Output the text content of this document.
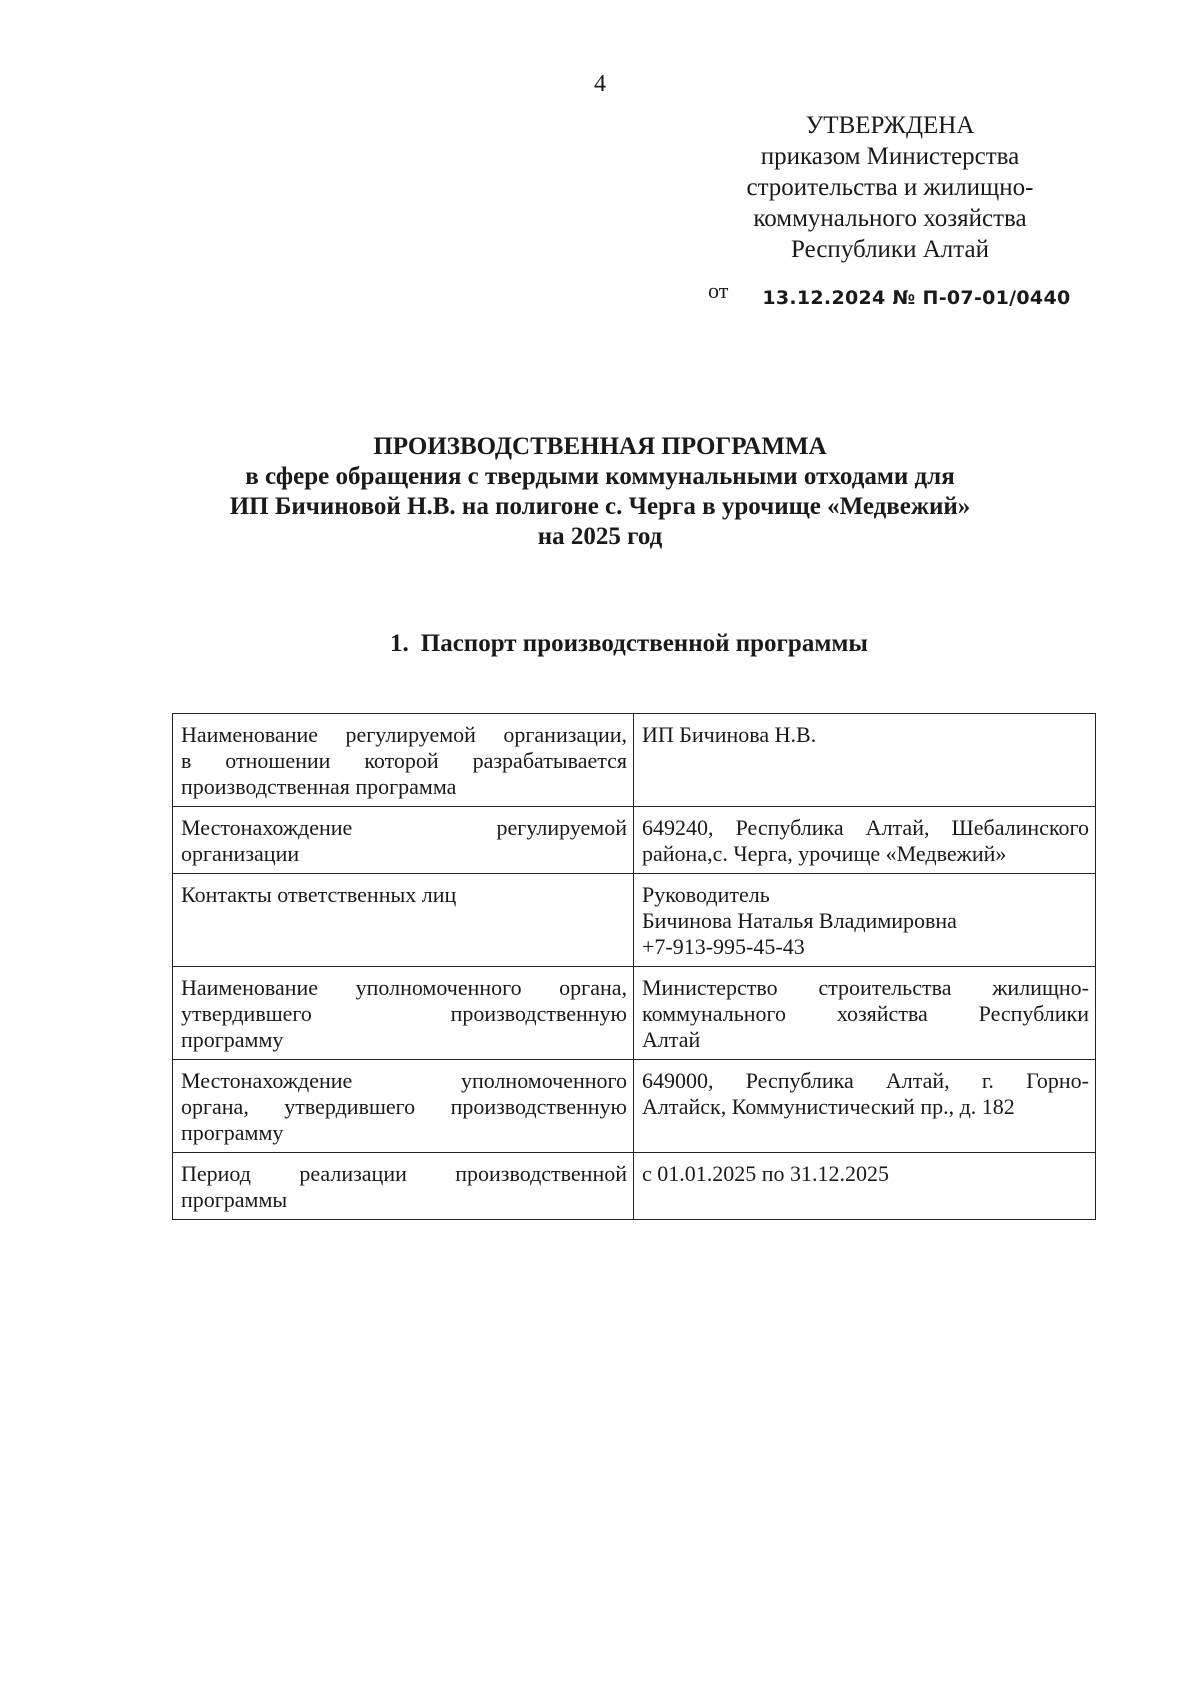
4
УТВЕРЖДЕНА
приказом Министерства
строительства и жилищно-
коммунального хозяйства
Республики Алтай
от 13.12.2024 № П-07-01/0440
ПРОИЗВОДСТВЕННАЯ ПРОГРАММА
в сфере обращения с твердыми коммунальными отходами для
ИП Бичиновой Н.В. на полигоне с. Черга в урочище «Медвежий»
на 2025 год
1. Паспорт производственной программы
Наименование регулируемой организации,
в отношении которой разрабатывается
производственная программа	ИП Бичинова Н.В.

Местонахождение регулируемой
организации	649240, Республика Алтай, Шебалинского
района,с. Черга, урочище «Медвежий»

Контакты ответственных лиц	Руководитель
Бичинова Наталья Владимировна
+7-913-995-45-43

Наименование уполномоченного органа,
утвердившего производственную
программу	Министерство строительства жилищно-
коммунального хозяйства Республики
Алтай

Местонахождение уполномоченного
органа, утвердившего производственную
программу	649000, Республика Алтай, г. Горно-
Алтайск, Коммунистический пр., д. 182

Период реализации производственной
программы	с 01.01.2025 по 31.12.2025
